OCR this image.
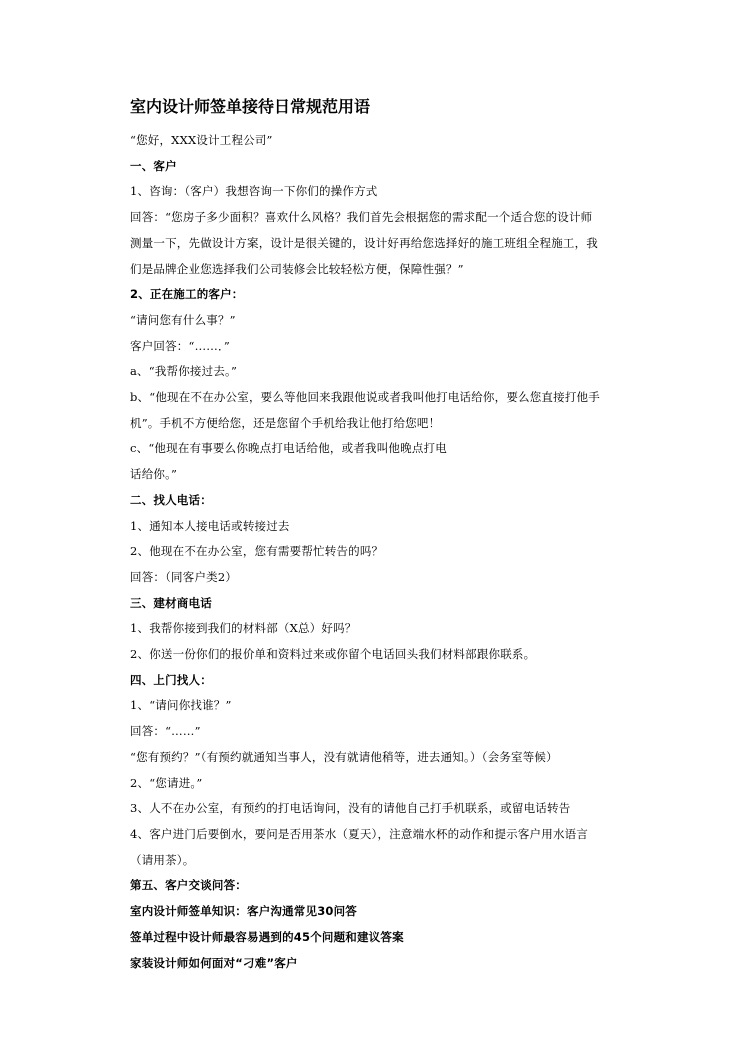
室内设计师签单接待日常规范用语
“您好，XXX设计工程公司”
一、客户
1、咨询：（客户）我想咨询一下你们的操作方式
回答：“您房子多少面积？喜欢什么风格？我们首先会根据您的需求配一个适合您的设计师
测量一下，先做设计方案，设计是很关键的，设计好再给您选择好的施工班组全程施工，我
们是品牌企业您选择我们公司装修会比较轻松方便，保障性强？”
2、正在施工的客户：
“请问您有什么事？”
客户回答：“……．”
a、“我帮你接过去。”
b、“他现在不在办公室，要么等他回来我跟他说或者我叫他打电话给你，要么您直接打他手
机”。手机不方便给您，还是您留个手机给我让他打给您吧！
c、“他现在有事要么你晚点打电话给他，或者我叫他晚点打电
话给你。”
二、找人电话：
1、通知本人接电话或转接过去
2、他现在不在办公室，您有需要帮忙转告的吗？
回答：（同客户类2）
三、建材商电话
1、我帮你接到我们的材料部（X总）好吗？
2、你送一份你们的报价单和资料过来或你留个电话回头我们材料部跟你联系。
四、上门找人：
1、“请问你找谁？”
回答：“……”
“您有预约？”（有预约就通知当事人，没有就请他稍等，进去通知。）（会务室等候）
2、“您请进。”
3、人不在办公室，有预约的打电话询问，没有的请他自己打手机联系，或留电话转告
4、客户进门后要倒水，要问是否用茶水（夏天），注意端水杯的动作和提示客户用水语言
（请用茶）。
第五、客户交谈问答：
室内设计师签单知识：客户沟通常见30问答
签单过程中设计师最容易遇到的45个问题和建议答案
家装设计师如何面对“刁难”客户
